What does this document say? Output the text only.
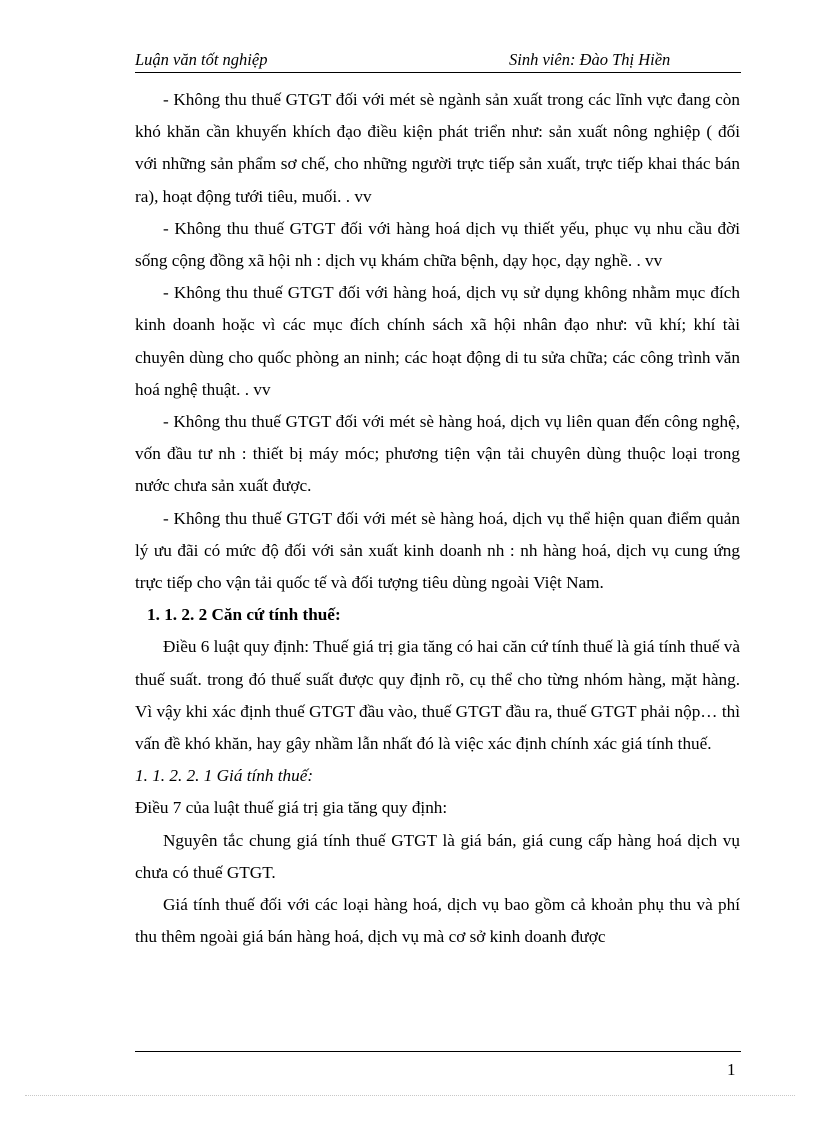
Luận văn tốt nghiệp	Sinh viên: Đào Thị Hiền

- Không thu thuế GTGT đối với mét sè ngành sản xuất trong các lĩnh vực đang còn khó khăn cần khuyến khích đạo điều kiện phát triển như: sản xuất nông nghiệp ( đối với những sản phẩm sơ chế, cho những người trực tiếp sản xuất, trực tiếp khai thác bán ra), hoạt động tưới tiêu, muối. . vv

- Không thu thuế GTGT đối với hàng hoá dịch vụ thiết yếu, phục vụ nhu cầu đời sống cộng đồng xã hội nh : dịch vụ khám chữa bệnh, dạy học, dạy nghề. . vv

- Không thu thuế GTGT đối với hàng hoá, dịch vụ sử dụng không nhằm mục đích kinh doanh hoặc vì các mục đích chính sách xã hội nhân đạo như: vũ khí; khí tài chuyên dùng cho quốc phòng an ninh; các hoạt động di tu sửa chữa; các công trình văn hoá nghệ thuật. . vv

- Không thu thuế GTGT đối với mét sè hàng hoá, dịch vụ liên quan đến công nghệ, vốn đầu tư nh : thiết bị máy móc; phương tiện vận tải chuyên dùng thuộc loại trong nước chưa sản xuất được.

- Không thu thuế GTGT đối với mét sè hàng hoá, dịch vụ thể hiện quan điểm quản lý ưu đãi có mức độ đối với sản xuất kinh doanh nh : nh hàng hoá, dịch vụ cung ứng trực tiếp cho vận tải quốc tế và đối tượng tiêu dùng ngoài Việt Nam.

1. 1. 2. 2 Căn cứ tính thuế:

Điều 6 luật quy định: Thuế giá trị gia tăng có hai căn cứ tính thuế là giá tính thuế và thuế suất. trong đó thuế suất được quy định rõ, cụ thể cho từng nhóm hàng, mặt hàng. Vì vậy khi xác định thuế GTGT đầu vào, thuế GTGT đầu ra, thuế GTGT phải nộp… thì vấn đề khó khăn, hay gây nhầm lẫn nhất đó là việc xác định chính xác giá tính thuế.

1. 1. 2. 2. 1 Giá tính thuế:

Điều 7 của luật thuế giá trị gia tăng quy định:

Nguyên tắc chung giá tính thuế GTGT là giá bán, giá cung cấp hàng hoá dịch vụ chưa có thuế GTGT.

Giá tính thuế đối với các loại hàng hoá, dịch vụ bao gồm cả khoản phụ thu và phí thu thêm ngoài giá bán hàng hoá, dịch vụ mà cơ sở kinh doanh được

1
